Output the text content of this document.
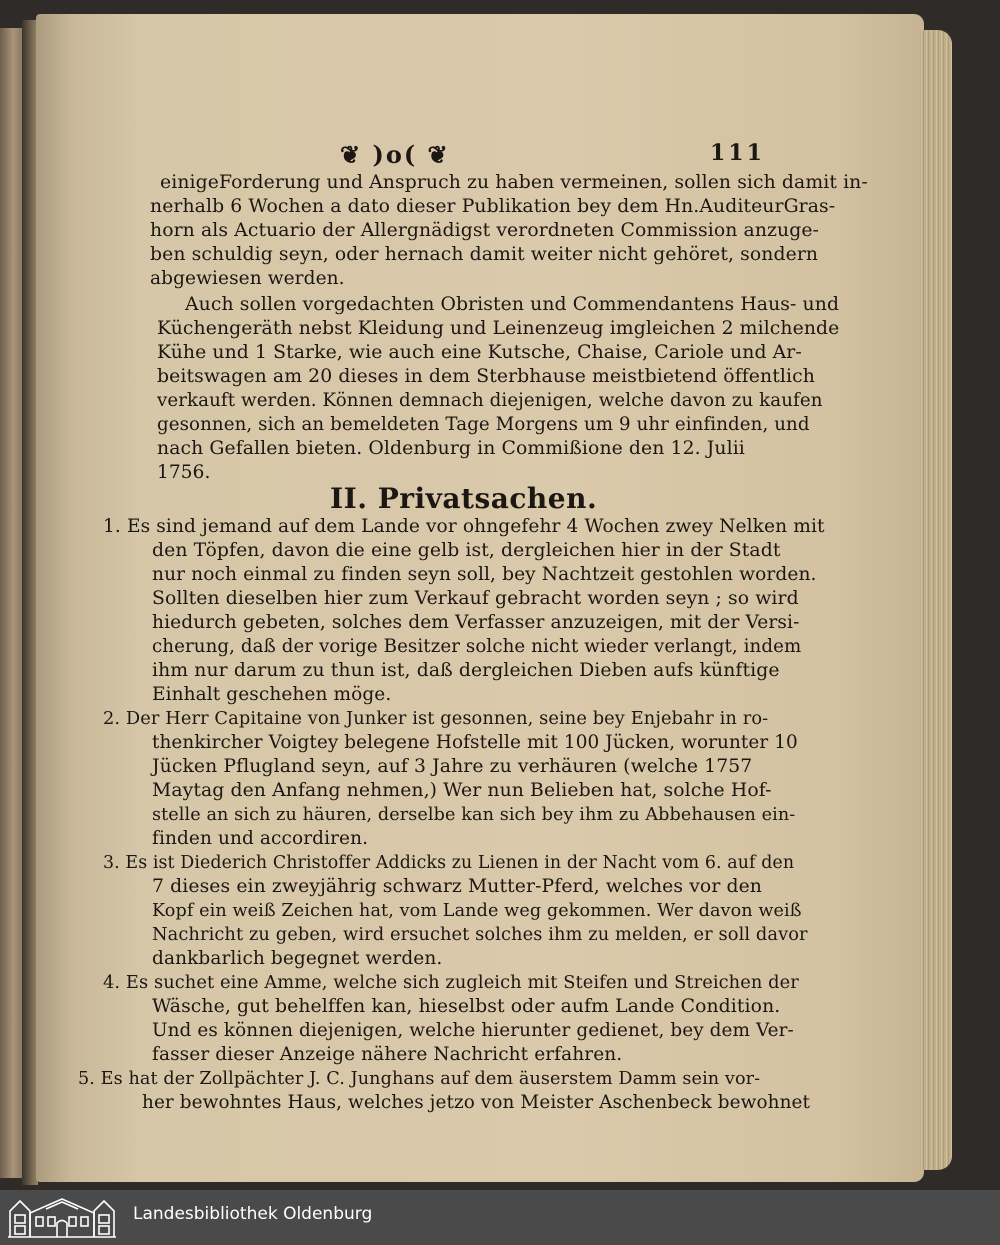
❦ )o( ❦	111
einigeForderung und Anspruch zu haben vermeinen, sollen sich damit in-
nerhalb 6 Wochen a dato dieser Publikation bey dem Hn.AuditeurGras-
horn als Actuario der Allergnädigst verordneten Commission anzuge-
ben schuldig seyn, oder hernach damit weiter nicht gehöret, sondern
abgewiesen werden.
Auch sollen vorgedachten Obristen und Commendantens Haus- und
Küchengeräth nebst Kleidung und Leinenzeug imgleichen 2 milchende
Kühe und 1 Starke, wie auch eine Kutsche, Chaise, Cariole und Ar-
beitswagen am 20 dieses in dem Sterbhause meistbietend öffentlich
verkauft werden. Können demnach diejenigen, welche davon zu kaufen
gesonnen, sich an bemeldeten Tage Morgens um 9 uhr einfinden, und
nach Gefallen bieten. Oldenburg in Commißione den 12. Julii
1756.
II. Privatsachen.
1. Es sind jemand auf dem Lande vor ohngefehr 4 Wochen zwey Nelken mit
den Töpfen, davon die eine gelb ist, dergleichen hier in der Stadt
nur noch einmal zu finden seyn soll, bey Nachtzeit gestohlen worden.
Sollten dieselben hier zum Verkauf gebracht worden seyn ; so wird
hiedurch gebeten, solches dem Verfasser anzuzeigen, mit der Versi-
cherung, daß der vorige Besitzer solche nicht wieder verlangt, indem
ihm nur darum zu thun ist, daß dergleichen Dieben aufs künftige
Einhalt geschehen möge.
2. Der Herr Capitaine von Junker ist gesonnen, seine bey Enjebahr in ro-
thenkircher Voigtey belegene Hofstelle mit 100 Jücken, worunter 10
Jücken Pflugland seyn, auf 3 Jahre zu verhäuren (welche 1757
Maytag den Anfang nehmen,) Wer nun Belieben hat, solche Hof-
stelle an sich zu häuren, derselbe kan sich bey ihm zu Abbehausen ein-
finden und accordiren.
3. Es ist Diederich Christoffer Addicks zu Lienen in der Nacht vom 6. auf den
7 dieses ein zweyjährig schwarz Mutter-Pferd, welches vor den
Kopf ein weiß Zeichen hat, vom Lande weg gekommen. Wer davon weiß
Nachricht zu geben, wird ersuchet solches ihm zu melden, er soll davor
dankbarlich begegnet werden.
4. Es suchet eine Amme, welche sich zugleich mit Steifen und Streichen der
Wäsche, gut behelffen kan, hieselbst oder aufm Lande Condition.
Und es können diejenigen, welche hierunter gedienet, bey dem Ver-
fasser dieser Anzeige nähere Nachricht erfahren.
5. Es hat der Zollpächter J. C. Junghans auf dem äuserstem Damm sein vor-
her bewohntes Haus, welches jetzo von Meister Aschenbeck bewohnet
Landesbibliothek Oldenburg
